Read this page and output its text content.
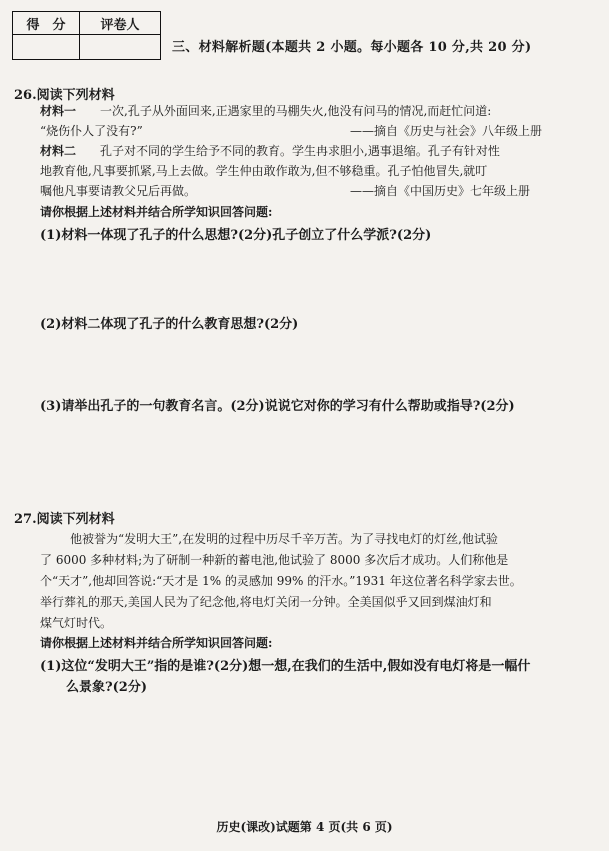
得　分	评卷人

三、材料解析题(本题共 2 小题。每小题各 10 分,共 20 分)
26.阅读下列材料
材料一　　 一次,孔子从外面回来,正遇家里的马棚失火,他没有问马的情况,而赶忙问道:
“烧伤仆人了没有?”	——摘自《历史与社会》八年级上册
材料二　　 孔子对不同的学生给予不同的教育。学生冉求胆小,遇事退缩。孔子有针对性
地教育他,凡事要抓紧,马上去做。学生仲由敢作敢为,但不够稳重。孔子怕他冒失,就叮
嘱他凡事要请教父兄后再做。	——摘自《中国历史》七年级上册
请你根据上述材料并结合所学知识回答问题:
(1)材料一体现了孔子的什么思想?(2分)孔子创立了什么学派?(2分)
(2)材料二体现了孔子的什么教育思想?(2分)
(3)请举出孔子的一句教育名言。(2分)说说它对你的学习有什么帮助或指导?(2分)
27.阅读下列材料
他被誉为“发明大王”,在发明的过程中历尽千辛万苦。为了寻找电灯的灯丝,他试验
了 6000 多种材料;为了研制一种新的蓄电池,他试验了 8000 多次后才成功。人们称他是
个“天才”,他却回答说:“天才是 1% 的灵感加 99% 的汗水。”1931 年这位著名科学家去世。
举行葬礼的那天,美国人民为了纪念他,将电灯关闭一分钟。全美国似乎又回到煤油灯和
煤气灯时代。
请你根据上述材料并结合所学知识回答问题:
(1)这位“发明大王”指的是谁?(2分)想一想,在我们的生活中,假如没有电灯将是一幅什
么景象?(2分)
历史(课改)试题第 4 页(共 6 页)
